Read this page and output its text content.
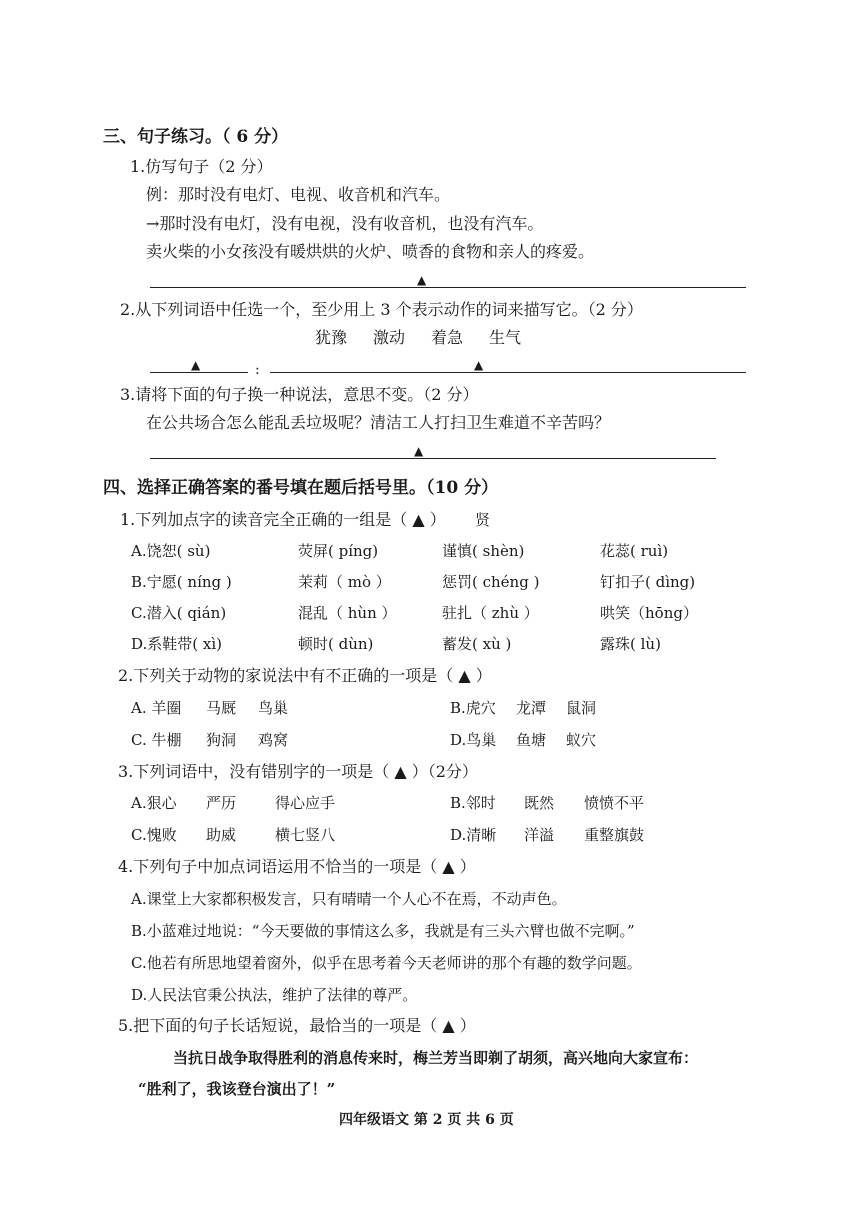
三、句子练习。（ 6 分）
1.仿写句子（2 分）
例：那时没有电灯、电视、收音机和汽车。
→那时没有电灯，没有电视，没有收音机，也没有汽车。
卖火柴的小女孩没有暖烘烘的火炉、喷香的食物和亲人的疼爱。
▲
2.从下列词语中任选一个，至少用上 3 个表示动作的词来描写它。（2 分）
犹豫 激动 着急 生气
▲	:	▲
3.请将下面的句子换一种说法，意思不变。（2 分）
在公共场合怎么能乱丢垃圾呢？清洁工人打扫卫生难道不辛苦吗？
▲
四、选择正确答案的番号填在题后括号里。（10 分）
1.下列加点字的读音完全正确的一组是（ ▲ ） 贤
A.饶恕( sù)	荧屏( píng)	谨慎( shèn)	花蕊( ruì)
B.宁愿( níng )	茉莉（ mò ）	惩罚( chéng )	钉扣子( dìng)
C.潜入( qián)	混乱（ hùn ）	驻扎（ zhù ）	哄笑（hōng）
D.系鞋带( xì)	顿时( dùn)	蓄发( xù )	露珠( lù)
2.下列关于动物的家说法中有不正确的一项是（ ▲ ）
A. 羊圈 马厩 鸟巢	B.虎穴 龙潭 鼠洞
C. 牛棚 狗洞 鸡窝	D.鸟巢 鱼塘 蚁穴
3.下列词语中，没有错别字的一项是（ ▲ ）（2分）
A.狠心 严历	得心应手	B.邻时 既然 愤愤不平
C.愧败 助威	横七竖八	D.清晰 洋溢 重整旗鼓
4.下列句子中加点词语运用不恰当的一项是（ ▲ ）
A.课堂上大家都积极发言，只有晴晴一个人心不在焉，不动声色。
B.小蓝难过地说：“今天要做的事情这么多，我就是有三头六臂也做不完啊。”
C.他若有所思地望着窗外，似乎在思考着今天老师讲的那个有趣的数学问题。
D.人民法官秉公执法，维护了法律的尊严。
5.把下面的句子长话短说，最恰当的一项是（ ▲ ）
当抗日战争取得胜利的消息传来时，梅兰芳当即剃了胡须，高兴地向大家宣布：
“胜利了，我该登台演出了！”
四年级语文 第 2 页 共 6 页
